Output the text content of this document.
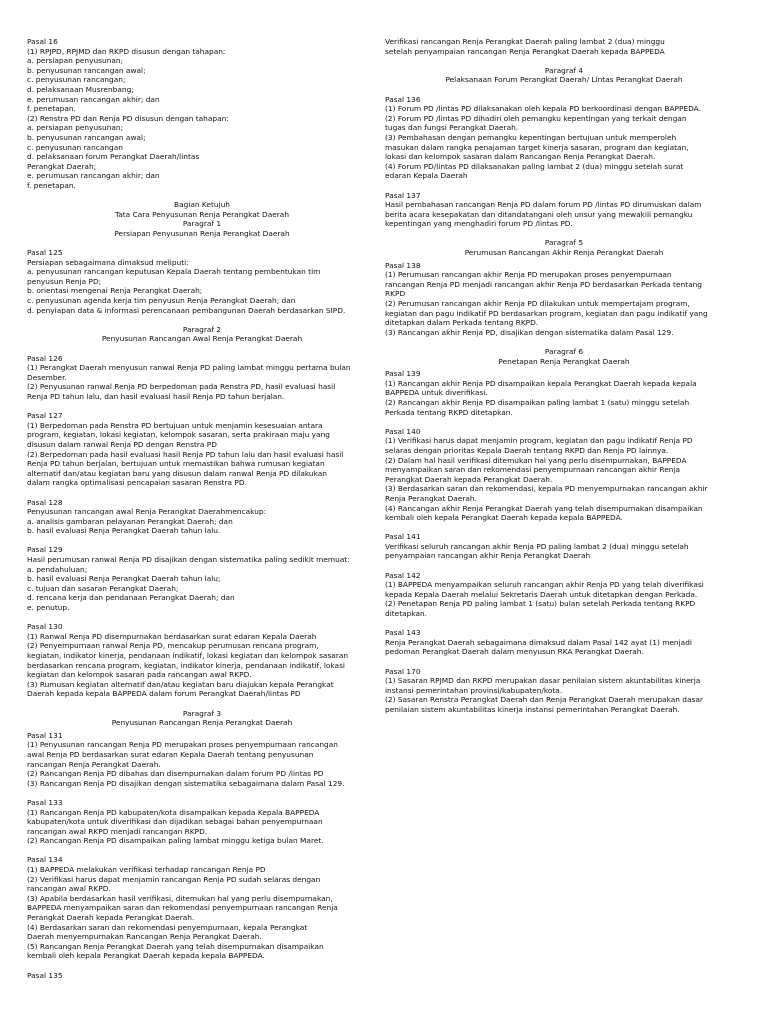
Pasal 16
(1) RPJPD, RPJMD dan RKPD disusun dengan tahapan:
a. persiapan penyusunan;
b. penyusunan rancangan awal;
c. penyusunan rancangan;
d. pelaksanaan Musrenbang;
e. perumusan rancangan akhir; dan
f. penetapan.
(2) Renstra PD dan Renja PD disusun dengan tahapan:
a. persiapan penyusunan;
b. penyusunan rancangan awal;
c. penyusunan rancangan
d. pelaksanaan forum Perangkat Daerah/lintas
Perangkat Daerah;
e. perumusan rancangan akhir; dan
f. penetapan.
Bagian Ketujuh
Tata Cara Penyusunan Renja Perangkat Daerah
Paragraf 1
Persiapan Penyusunan Renja Perangkat Daerah
Pasal 125
Persiapan sebagaimana dimaksud meliputi:
a. penyusunan rancangan keputusan Kepala Daerah tentang pembentukan tim
penyusun Renja PD;
b. orientasi mengenai Renja Perangkat Daerah;
c. penyusunan agenda kerja tim penyusun Renja Perangkat Daerah; dan
d. penyiapan data & informasi perencanaan pembangunan Daerah berdasarkan SIPD.
Paragraf 2
Penyusunan Rancangan Awal Renja Perangkat Daerah
Pasal 126
(1) Perangkat Daerah menyusun ranwal Renja PD paling lambat minggu pertama bulan
Desember.
(2) Penyusunan ranwal Renja PD berpedoman pada Renstra PD, hasil evaluasi hasil
Renja PD tahun lalu, dan hasil evaluasi hasil Renja PD tahun berjalan.
Pasal 127
(1) Berpedoman pada Renstra PD bertujuan untuk menjamin kesesuaian antara
program, kegiatan, lokasi kegiatan, kelompok sasaran, serta prakiraan maju yang
disusun dalam ranwal Renja PD dengan Renstra PD
(2) Berpedoman pada hasil evaluasi hasil Renja PD tahun lalu dan hasil evaluasi hasil
Renja PD tahun berjalan, bertujuan untuk memastikan bahwa rumusan kegiatan
alternatif dan/atau kegiatan baru yang disusun dalam ranwal Renja PD dilakukan
dalam rangka optimalisasi pencapaian sasaran Renstra PD.
Pasal 128
Penyusunan rancangan awal Renja Perangkat Daerahmencakup:
a. analisis gambaran pelayanan Perangkat Daerah; dan
b. hasil evaluasi Renja Perangkat Daerah tahun lalu.
Pasal 129
Hasil perumusan ranwal Renja PD disajikan dengan sistematika paling sedikit memuat:
a. pendahuluan;
b. hasil evaluasi Renja Perangkat Daerah tahun lalu;
c. tujuan dan sasaran Perangkat Daerah;
d. rencana kerja dan pendanaan Perangkat Daerah; dan
e. penutup.
Pasal 130
(1) Ranwal Renja PD disempurnakan berdasarkan surat edaran Kepala Daerah
(2) Penyempurnaan ranwal Renja PD, mencakup perumusan rencana program,
kegiatan, indikator kinerja, pendanaan indikatif, lokasi kegiatan dan kelompok sasaran
berdasarkan rencana program, kegiatan, indikator kinerja, pendanaan indikatif, lokasi
kegiatan dan kelompok sasaran pada rancangan awal RKPD.
(3) Rumusan kegiatan alternatif dan/atau kegiatan baru diajukan kepala Perangkat
Daerah kepada kepala BAPPEDA dalam forum Perangkat Daerah/lintas PD
Paragraf 3
Penyusunan Rancangan Renja Perangkat Daerah
Pasal 131
(1) Penyusunan rancangan Renja PD merupakan proses penyempurnaan rancangan
awal Renja PD berdasarkan surat edaran Kepala Daerah tentang penyusunan
rancangan Renja Perangkat Daerah.
(2) Rancangan Renja PD dibahas dan disempurnakan dalam forum PD /lintas PD
(3) Rancangan Renja PD disajikan dengan sistematika sebagaimana dalam Pasal 129.
Pasal 133
(1) Rancangan Renja PD kabupaten/kota disampaikan kepada Kepala BAPPEDA
kabupaten/kota untuk diverifikasi dan dijadikan sebagai bahan penyempurnaan
rancangan awal RKPD menjadi rancangan RKPD.
(2) Rancangan Renja PD disampaikan paling lambat minggu ketiga bulan Maret.
Pasal 134
(1) BAPPEDA melakukan verifikasi terhadap rancangan Renja PD
(2) Verifikasi harus dapat menjamin rancangan Renja PD sudah selaras dengan
rancangan awal RKPD.
(3) Apabila berdasarkan hasil verifikasi, ditemukan hal yang perlu disempurnakan,
BAPPEDA menyampaikan saran dan rekomendasi penyempurnaan rancangan Renja
Perangkat Daerah kepada Perangkat Daerah.
(4) Berdasarkan saran dan rekomendasi penyempurnaan, kepala Perangkat
Daerah menyempurnakan Rancangan Renja Perangkat Daerah.
(5) Rancangan Renja Perangkat Daerah yang telah disempurnakan disampaikan
kembali oleh kepala Perangkat Daerah kepada kepala BAPPEDA.
Pasal 135
Verifikasi rancangan Renja Perangkat Daerah paling lambat 2 (dua) minggu
setelah penyampaian rancangan Renja Perangkat Daerah kepada BAPPEDA
Paragraf 4
Pelaksanaan Forum Perangkat Daerah/ Lintas Perangkat Daerah
Pasal 136
(1) Forum PD /lintas PD dilaksanakan oleh kepala PD berkoordinasi dengan BAPPEDA.
(2) Forum PD /lintas PD dihadiri oleh pemangku kepentingan yang terkait dengan
tugas dan fungsi Perangkat Daerah.
(3) Pembahasan dengan pemangku kepentingan bertujuan untuk memperoleh
masukan dalam rangka penajaman target kinerja sasaran, program dan kegiatan,
lokasi dan kelompok sasaran dalam Rancangan Renja Perangkat Daerah.
(4) Forum PD/lintas PD dilaksanakan paling lambat 2 (dua) minggu setelah surat
edaran Kepala Daerah
Pasal 137
Hasil pembahasan rancangan Renja PD dalam forum PD /lintas PD dirumuskan dalam
berita acara kesepakatan dan ditandatangani oleh unsur yang mewakili pemangku
kepentingan yang menghadiri forum PD /lintas PD.
Paragraf 5
Perumusan Rancangan Akhir Renja Perangkat Daerah
Pasal 138
(1) Perumusan rancangan akhir Renja PD merupakan proses penyempurnaan
rancangan Renja PD menjadi rancangan akhir Renja PD berdasarkan Perkada tentang
RKPD
(2) Perumusan rancangan akhir Renja PD dilakukan untuk mempertajam program,
kegiatan dan pagu indikatif PD berdasarkan program, kegiatan dan pagu indikatif yang
ditetapkan dalam Perkada tentang RKPD.
(3) Rancangan akhir Renja PD, disajikan dengan sistematika dalam Pasal 129.
Paragraf 6
Penetapan Renja Perangkat Daerah
Pasal 139
(1) Rancangan akhir Renja PD disampaikan kepala Perangkat Daerah kepada kepala
BAPPEDA untuk diverifikasi.
(2) Rancangan akhir Renja PD disampaikan paling lambat 1 (satu) minggu setelah
Perkada tentang RKPD ditetapkan.
Pasal 140
(1) Verifikasi harus dapat menjamin program, kegiatan dan pagu indikatif Renja PD
selaras dengan prioritas Kepala Daerah tentang RKPD dan Renja PD lainnya.
(2) Dalam hal hasil verifikasi ditemukan hal yang perlu disempurnakan, BAPPEDA
menyampaikan saran dan rekomendasi penyempurnaan rancangan akhir Renja
Perangkat Daerah kepada Perangkat Daerah.
(3) Berdasarkan saran dan rekomendasi, kepala PD menyempurnakan rancangan akhir
Renja Perangkat Daerah.
(4) Rancangan akhir Renja Perangkat Daerah yang telah disempurnakan disampaikan
kembali oleh kepala Perangkat Daerah kepada kepala BAPPEDA.
Pasal 141
Verifikasi seluruh rancangan akhir Renja PD paling lambat 2 (dua) minggu setelah
penyampaian rancangan akhir Renja Perangkat Daerah
Pasal 142
(1) BAPPEDA menyampaikan seluruh rancangan akhir Renja PD yang telah diverifikasi
kepada Kepala Daerah melalui Sekretaris Daerah untuk ditetapkan dengan Perkada.
(2) Penetapan Renja PD paling lambat 1 (satu) bulan setelah Perkada tentang RKPD
ditetapkan.
Pasal 143
Renja Perangkat Daerah sebagaimana dimaksud dalam Pasal 142 ayat (1) menjadi
pedoman Perangkat Daerah dalam menyusun RKA Perangkat Daerah.
Pasal 170
(1) Sasaran RPJMD dan RKPD merupakan dasar penilaian sistem akuntabilitas kinerja
instansi pemerintahan provinsi/kabupaten/kota.
(2) Sasaran Renstra Perangkat Daerah dan Renja Perangkat Daerah merupakan dasar
penilaian sistem akuntabilitas kinerja instansi pemerintahan Perangkat Daerah.
